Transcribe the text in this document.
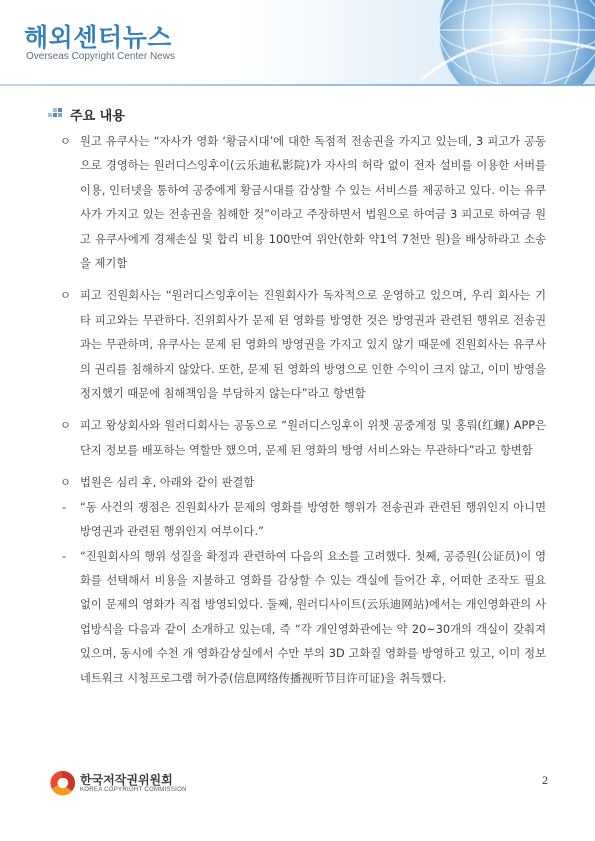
해외센터뉴스
Overseas Copyright Center News
주요 내용
ㅇ 원고 유쿠사는 “자사가 영화 ‘황금시대’에 대한 독점적 전송권을 가지고 있는데, 3 피고가 공동으로 경영하는 원러디스잉후이(云乐迪私影院)가 자사의 허락 없이 전자 설비를 이용한 서버를 이용, 인터넷을 통하여 공중에게 황금시대를 감상할 수 있는 서비스를 제공하고 있다. 이는 유쿠사가 가지고 있는 전송권을 침해한 것”이라고 주장하면서 법원으로 하여금 3 피고로 하여금 원고 유쿠사에게 경제손실 및 합리 비용 100만여 위안(한화 약1억 7천만 원)을 배상하라고 소송을 제기함
ㅇ 피고 진원회사는 “원러디스잉후이는 진원회사가 독자적으로 운영하고 있으며, 우리 회사는 기타 피고와는 무관하다. 진위회사가 문제 된 영화를 방영한 것은 방영권과 관련된 행위로 전송권과는 무관하며, 유쿠사는 문제 된 영화의 방영권을 가지고 있지 않기 때문에 진원회사는 유쿠사의 권리를 침해하지 않았다. 또한, 문제 된 영화의 방영으로 인한 수익이 크지 않고, 이미 방영을 정지했기 때문에 침해책임을 부담하지 않는다”라고 항변함
ㅇ 피고 왕상회사와 원러디회사는 공동으로 “원러디스잉후이 위챗 공중계정 및 홍뤄(红螺) APP은 단지 정보를 배포하는 역할만 했으며, 문제 된 영화의 방영 서비스와는 무관하다”라고 항변함
ㅇ 법원은 심리 후, 아래와 같이 판결함
-	“동 사건의 쟁점은 진원회사가 문제의 영화를 방영한 행위가 전송권과 관련된 행위인지 아니면 방영권과 관련된 행위인지 여부이다.”
-	“진원회사의 행위 성질을 확정과 관련하여 다음의 요소를 고려했다. 첫째, 공증원(公证员)이 영화를 선택해서 비용을 지불하고 영화를 감상할 수 있는 객실에 들어간 후, 어떠한 조작도 필요 없이 문제의 영화가 직접 방영되었다. 둘째, 원러디사이트(云乐迪网站)에서는 개인영화관의 사업방식을 다음과 같이 소개하고 있는데, 즉 “각 개인영화관에는 약 20~30개의 객실이 갖춰져 있으며, 동시에 수천 개 영화감상실에서 수만 부의 3D 고화질 영화를 방영하고 있고, 이미 정보 네트워크 시청프로그램 허가증(信息网络传播视听节目许可证)을 취득했다.
한국저작권위원회
KOREA COPYRIGHT COMMISSION
2
